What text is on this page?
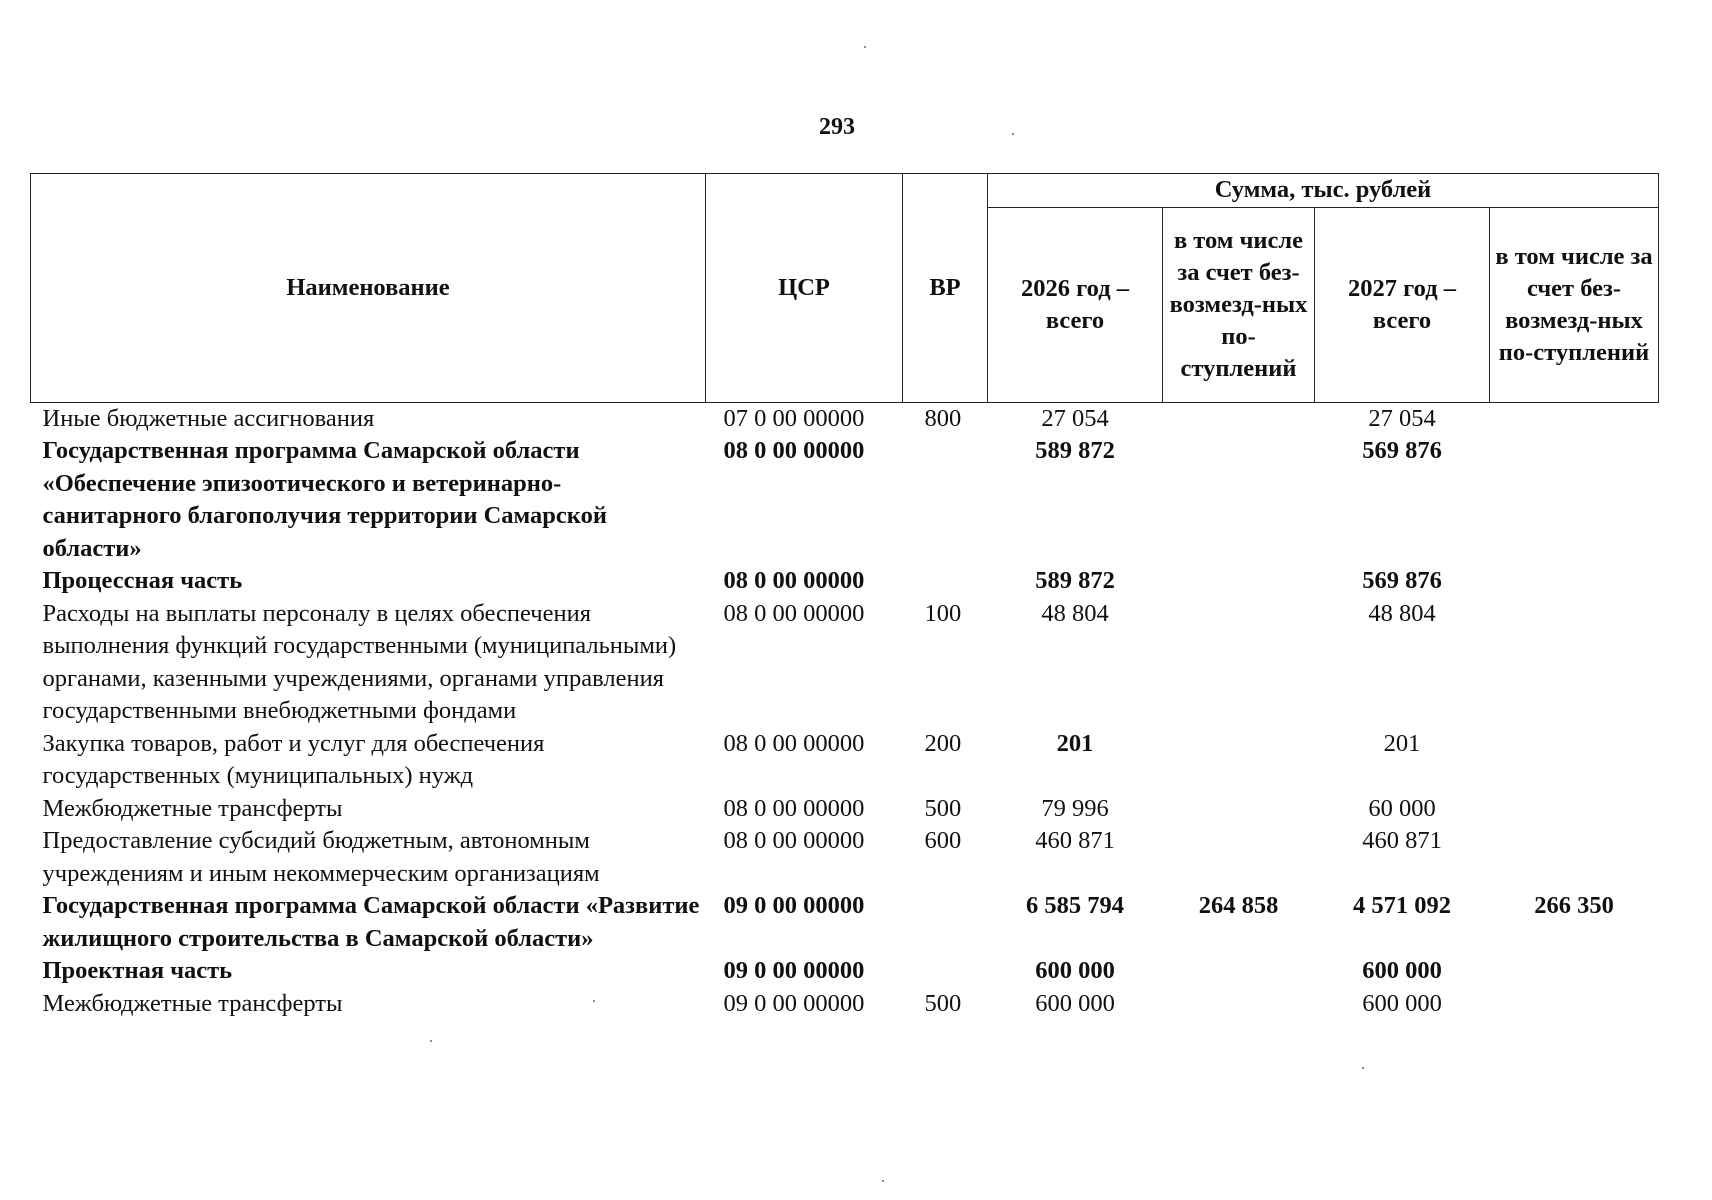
293
Наименование	ЦСР	ВР	Сумма, тыс. рублей			
			2026 год – всего	в том числе за счет без-возмезд-ных по-ступлений	2027 год – всего	в том числе за счет без-возмезд-ных по-ступлений
Иные бюджетные ассигнования	07 0 00 00000	800	27 054		27 054	
Государственная программа Самарской области «Обеспечение эпизоотического и ветеринарно-санитарного благополучия территории Самарской области»	08 0 00 00000		589 872		569 876	
Процессная часть	08 0 00 00000		589 872		569 876	
Расходы на выплаты персоналу в целях обеспечения выполнения функций государственными (муниципальными) органами, казенными учреждениями, органами управления государственными внебюджетными фондами	08 0 00 00000	100	48 804		48 804	
Закупка товаров, работ и услуг для обеспечения государственных (муниципальных) нужд	08 0 00 00000	200	201		201	
Межбюджетные трансферты	08 0 00 00000	500	79 996		60 000	
Предоставление субсидий бюджетным, автономным учреждениям и иным некоммерческим организациям	08 0 00 00000	600	460 871		460 871	
Государственная программа Самарской области «Развитие жилищного строительства в Самарской области»	09 0 00 00000		6 585 794	264 858	4 571 092	266 350
Проектная часть	09 0 00 00000		600 000		600 000	
Межбюджетные трансферты	09 0 00 00000	500	600 000		600 000	
